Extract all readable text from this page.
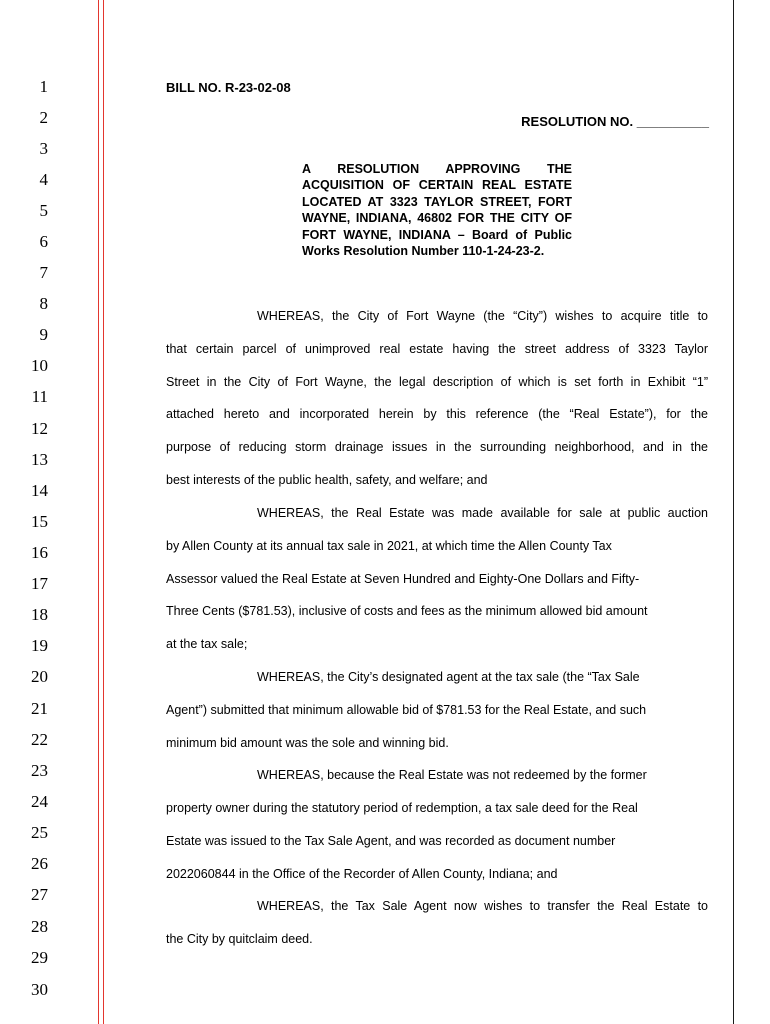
1
2
3
4
5
6
7
8
9
10
11
12
13
14
15
16
17
18
19
20
21
22
23
24
25
26
27
28
29
30
BILL NO. R-23-02-08
RESOLUTION NO. __________
A RESOLUTION APPROVING THE ACQUISITION OF CERTAIN REAL ESTATE LOCATED AT 3323 TAYLOR STREET, FORT WAYNE, INDIANA, 46802 FOR THE CITY OF FORT WAYNE, INDIANA – Board of Public Works Resolution Number 110-1-24-23-2.
WHEREAS, the City of Fort Wayne (the “City”) wishes to acquire title to
that certain parcel of unimproved real estate having the street address of 3323 Taylor
Street in the City of Fort Wayne, the legal description of which is set forth in Exhibit “1”
attached hereto and incorporated herein by this reference (the “Real Estate”), for the
purpose of reducing storm drainage issues in the surrounding neighborhood, and in the
best interests of the public health, safety, and welfare; and
WHEREAS, the Real Estate was made available for sale at public auction
by Allen County at its annual tax sale in 2021, at which time the Allen County Tax
Assessor valued the Real Estate at Seven Hundred and Eighty-One Dollars and Fifty-
Three Cents ($781.53), inclusive of costs and fees as the minimum allowed bid amount
at the tax sale;
WHEREAS, the City’s designated agent at the tax sale (the “Tax Sale
Agent”) submitted that minimum allowable bid of $781.53 for the Real Estate, and such
minimum bid amount was the sole and winning bid.
WHEREAS, because the Real Estate was not redeemed by the former
property owner during the statutory period of redemption, a tax sale deed for the Real
Estate was issued to the Tax Sale Agent, and was recorded as document number
2022060844 in the Office of the Recorder of Allen County, Indiana; and
WHEREAS, the Tax Sale Agent now wishes to transfer the Real Estate to
the City by quitclaim deed.
